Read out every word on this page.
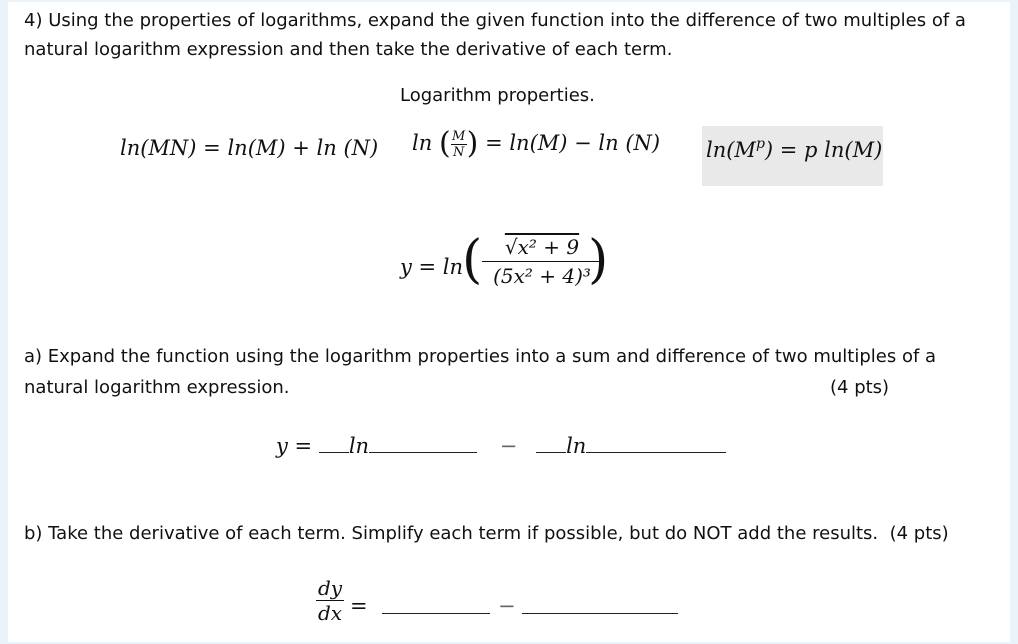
4) Using the properties of logarithms, expand the given function into the difference of two multiples of a
natural logarithm expression and then take the derivative of each term.
Logarithm properties.
ln(MN) = ln(M) + ln (N) ln ( $\frac{M}{N}$ ) = ln(M) − ln (N) $\ln(M^p) = p$ ln(M)
y = ln
(	√x² + 9
(5x² + 4)³
)
a) Expand the function using the logarithm properties into a sum and difference of two multiples of a
natural logarithm expression.	(4 pts)
y = ln	− ln
b) Take the derivative of each term. Simplify each term if possible, but do NOT add the results. (4 pts)
dy
dx =	−
